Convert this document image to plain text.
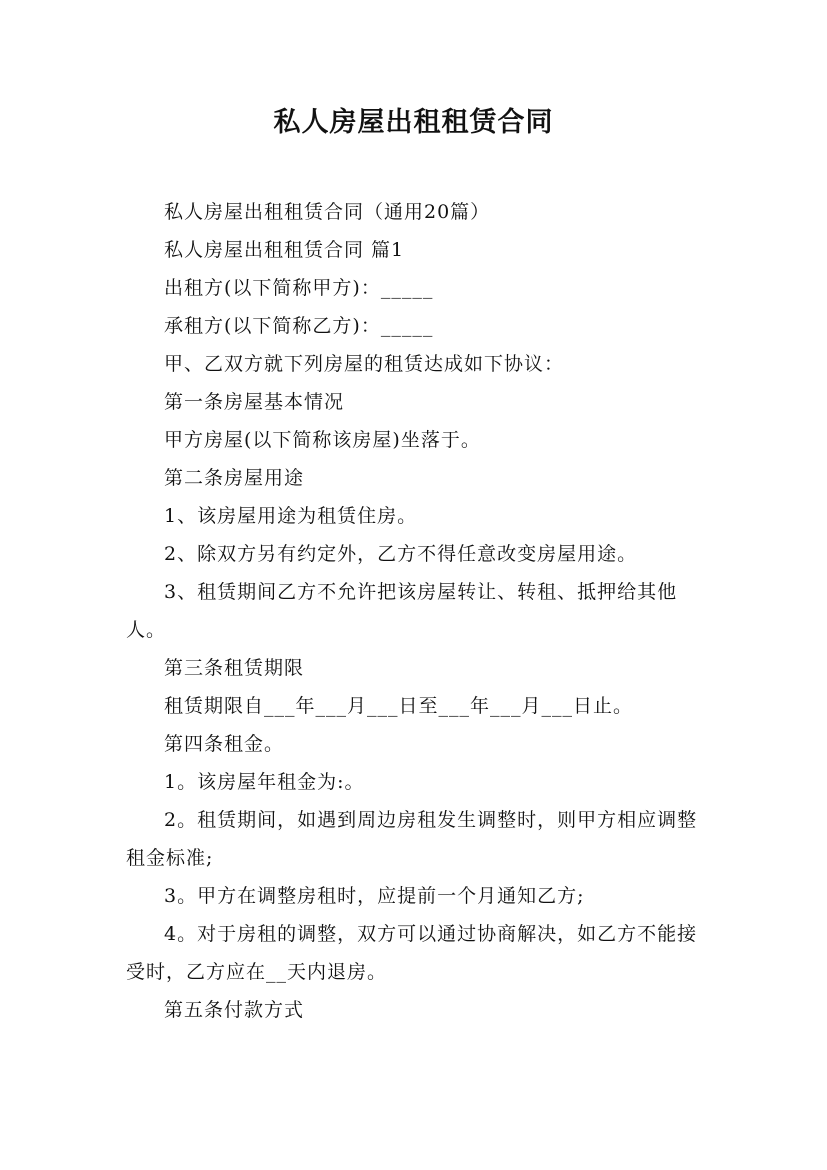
私人房屋出租租赁合同

私人房屋出租租赁合同（通用20篇）

私人房屋出租租赁合同 篇1

出租方(以下简称甲方)：_____

承租方(以下简称乙方)：_____

甲、乙双方就下列房屋的租赁达成如下协议：

第一条房屋基本情况

甲方房屋(以下简称该房屋)坐落于。

第二条房屋用途

1、该房屋用途为租赁住房。

2、除双方另有约定外，乙方不得任意改变房屋用途。

3、租赁期间乙方不允许把该房屋转让、转租、抵押给其他人。

第三条租赁期限

租赁期限自___年___月___日至___年___月___日止。

第四条租金。

1。该房屋年租金为:。

2。租赁期间，如遇到周边房租发生调整时，则甲方相应调整租金标准;

3。甲方在调整房租时，应提前一个月通知乙方;

4。对于房租的调整，双方可以通过协商解决，如乙方不能接受时，乙方应在__天内退房。

第五条付款方式
